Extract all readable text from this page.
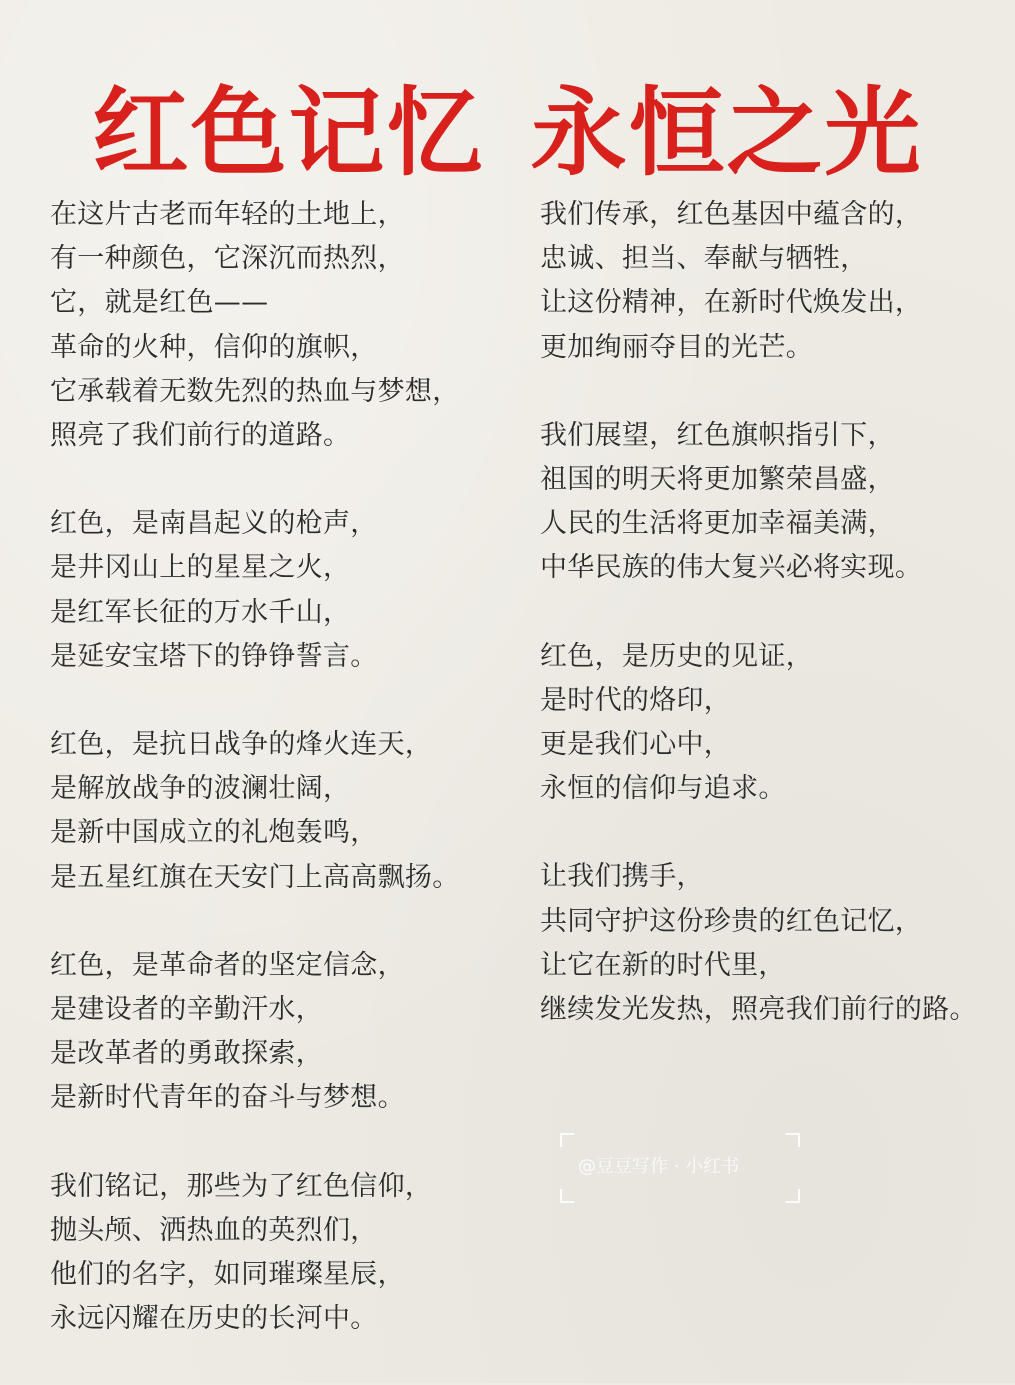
红色记忆 永恒之光
在这片古老而年轻的土地上，
有一种颜色，它深沉而热烈，
它，就是红色——
革命的火种，信仰的旗帜，
它承载着无数先烈的热血与梦想，
照亮了我们前行的道路。
红色，是南昌起义的枪声，
是井冈山上的星星之火，
是红军长征的万水千山，
是延安宝塔下的铮铮誓言。
红色，是抗日战争的烽火连天，
是解放战争的波澜壮阔，
是新中国成立的礼炮轰鸣，
是五星红旗在天安门上高高飘扬。
红色，是革命者的坚定信念，
是建设者的辛勤汗水，
是改革者的勇敢探索，
是新时代青年的奋斗与梦想。
我们铭记，那些为了红色信仰，
抛头颅、洒热血的英烈们，
他们的名字，如同璀璨星辰，
永远闪耀在历史的长河中。
我们传承，红色基因中蕴含的，
忠诚、担当、奉献与牺牲，
让这份精神，在新时代焕发出，
更加绚丽夺目的光芒。
我们展望，红色旗帜指引下，
祖国的明天将更加繁荣昌盛，
人民的生活将更加幸福美满，
中华民族的伟大复兴必将实现。
红色，是历史的见证，
是时代的烙印，
更是我们心中，
永恒的信仰与追求。
让我们携手，
共同守护这份珍贵的红色记忆，
让它在新的时代里，
继续发光发热，照亮我们前行的路。
@豆豆写作 · 小红书
